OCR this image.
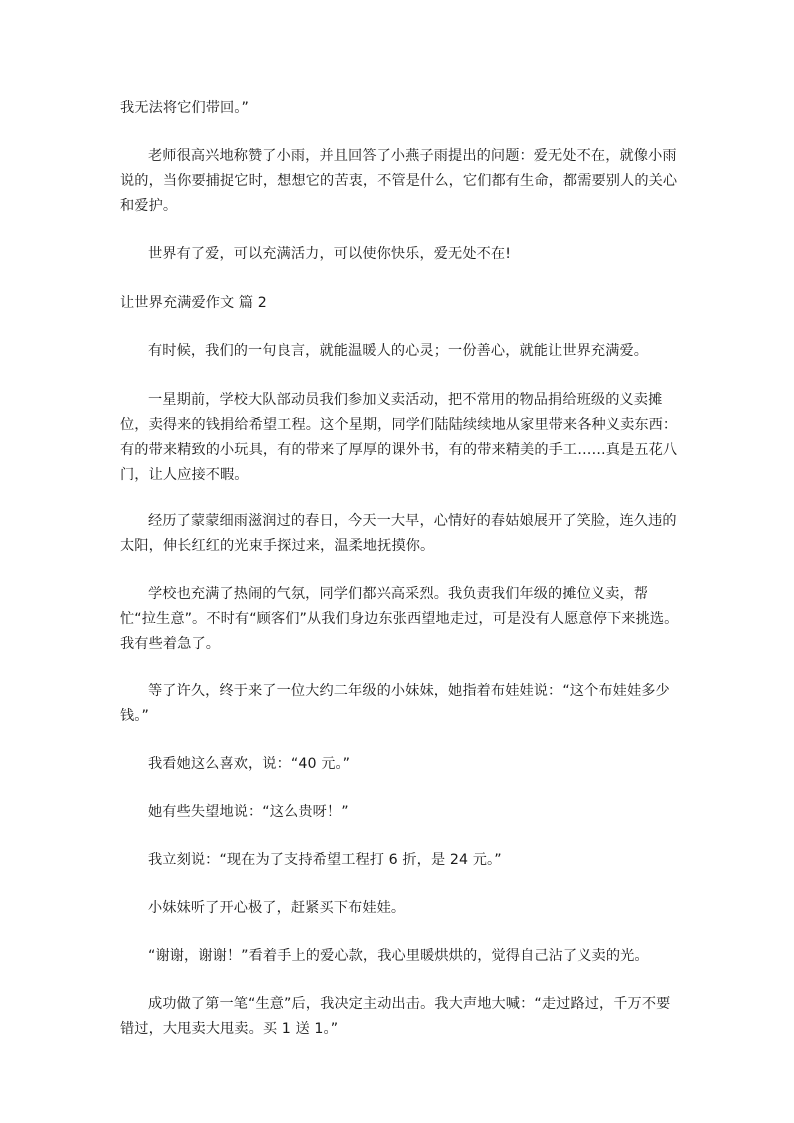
我无法将它们带回。”

老师很高兴地称赞了小雨，并且回答了小燕子雨提出的问题：爱无处不在，就像小雨说的，当你要捕捉它时，想想它的苦衷，不管是什么，它们都有生命，都需要别人的关心和爱护。

世界有了爱，可以充满活力，可以使你快乐，爱无处不在!

让世界充满爱作文 篇 2

有时候，我们的一句良言，就能温暖人的心灵；一份善心，就能让世界充满爱。

一星期前，学校大队部动员我们参加义卖活动，把不常用的物品捐给班级的义卖摊位，卖得来的钱捐给希望工程。这个星期，同学们陆陆续续地从家里带来各种义卖东西：有的带来精致的小玩具，有的带来了厚厚的课外书，有的带来精美的手工……真是五花八门，让人应接不暇。

经历了蒙蒙细雨滋润过的春日，今天一大早，心情好的春姑娘展开了笑脸，连久违的太阳，伸长红红的光束手探过来，温柔地抚摸你。

学校也充满了热闹的气氛，同学们都兴高采烈。我负责我们年级的摊位义卖，帮忙“拉生意”。不时有“顾客们”从我们身边东张西望地走过，可是没有人愿意停下来挑选。我有些着急了。

等了许久，终于来了一位大约二年级的小妹妹，她指着布娃娃说：“这个布娃娃多少钱。”

我看她这么喜欢，说：“40 元。”

她有些失望地说：“这么贵呀！”

我立刻说：“现在为了支持希望工程打 6 折，是 24 元。”

小妹妹听了开心极了，赶紧买下布娃娃。

“谢谢，谢谢！”看着手上的爱心款，我心里暖烘烘的，觉得自己沾了义卖的光。

成功做了第一笔“生意”后，我决定主动出击。我大声地大喊：“走过路过，千万不要错过，大甩卖大甩卖。买 1 送 1。”
